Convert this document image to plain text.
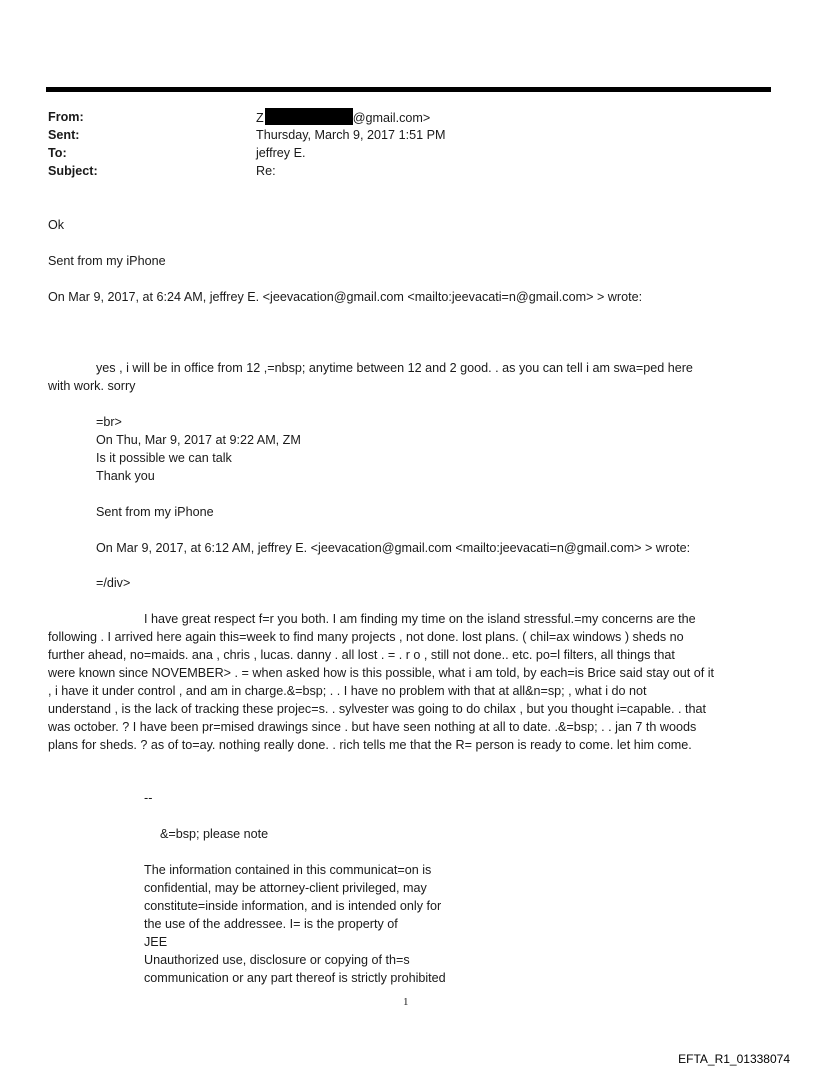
From:	Z	@gmail.com>
Sent:	Thursday, March 9, 2017 1:51 PM
To:	jeffrey E.
Subject:	Re:
Ok
Sent from my iPhone
On Mar 9, 2017, at 6:24 AM, jeffrey E. <jeevacation@gmail.com <mailto:jeevacati=n@gmail.com> > wrote:
yes , i will be in office from 12 ,=nbsp; anytime between 12 and 2 good. . as you can tell i am swa=ped here
with work. sorry
=br>
On Thu, Mar 9, 2017 at 9:22 AM, ZM
Is it possible we can talk
Thank you
Sent from my iPhone
On Mar 9, 2017, at 6:12 AM, jeffrey E. <jeevacation@gmail.com <mailto:jeevacati=n@gmail.com> > wrote:
=/div>
I have great respect f=r you both. I am finding my time on the island stressful.=my concerns are the
following . I arrived here again this=week to find many projects , not done. lost plans. ( chil=ax windows ) sheds no
further ahead, no=maids. ana , chris , lucas. danny . all lost . = . r o , still not done.. etc. po=l filters, all things that
were known since NOVEMBER> . = when asked how is this possible, what i am told, by each=is Brice said stay out of it
, i have it under control , and am in charge.&=bsp; . . I have no problem with that at all&n=sp; , what i do not
understand , is the lack of tracking these projec=s. . sylvester was going to do chilax , but you thought i=capable. . that
was october. ? I have been pr=mised drawings since . but have seen nothing at all to date. .&=bsp; . . jan 7 th woods
plans for sheds. ? as of to=ay. nothing really done. . rich tells me that the R= person is ready to come. let him come.
--
&=bsp; please note
The information contained in this communicat=on is
confidential, may be attorney-client privileged, may
constitute=inside information, and is intended only for
the use of the addressee. I= is the property of
JEE
Unauthorized use, disclosure or copying of th=s
communication or any part thereof is strictly prohibited
1
EFTA_R1_01338074
